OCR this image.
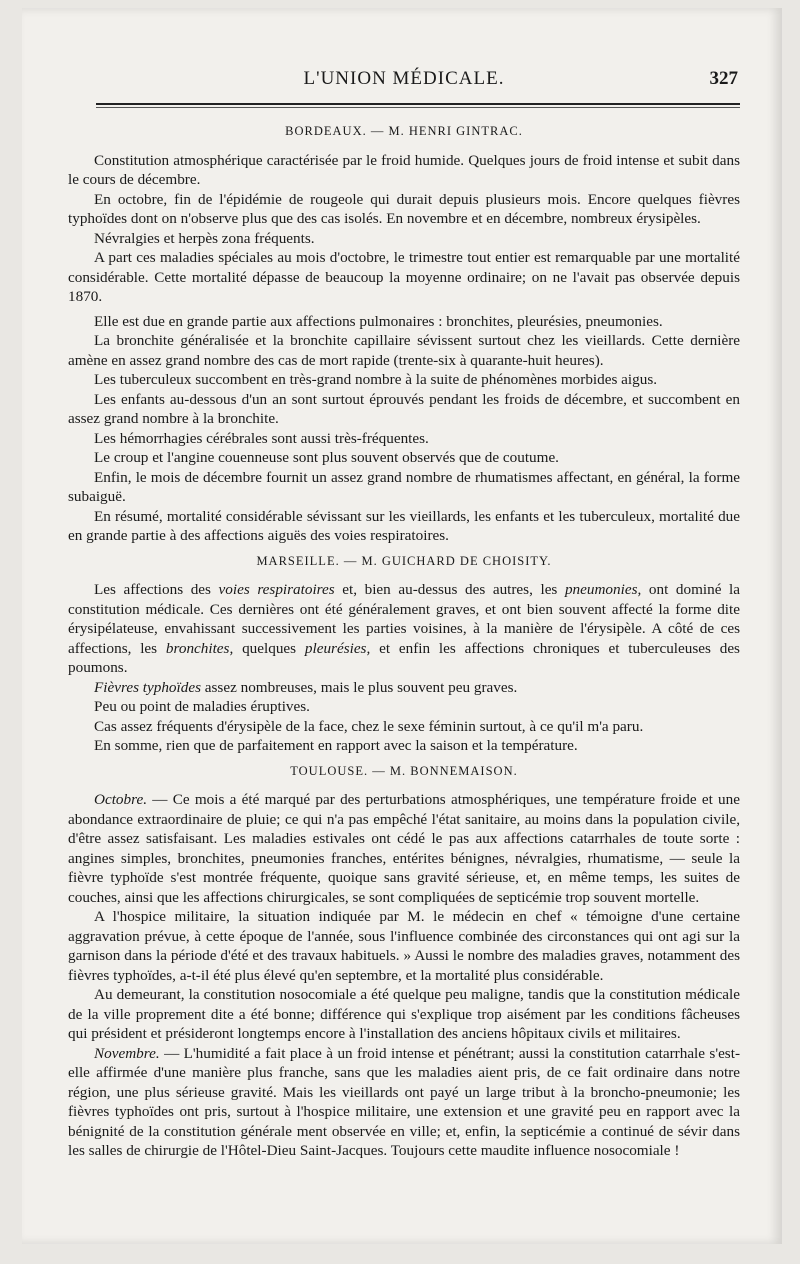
L'UNION MÉDICALE.	327
BORDEAUX. — M. HENRI GINTRAC.

Constitution atmosphérique caractérisée par le froid humide. Quelques jours de froid intense et subit dans le cours de décembre.

En octobre, fin de l'épidémie de rougeole qui durait depuis plusieurs mois. Encore quelques fièvres typhoïdes dont on n'observe plus que des cas isolés. En novembre et en décembre, nombreux érysipèles.

Névralgies et herpès zona fréquents.

A part ces maladies spéciales au mois d'octobre, le trimestre tout entier est remarquable par une mortalité considérable. Cette mortalité dépasse de beaucoup la moyenne ordinaire; on ne l'avait pas observée depuis 1870.

Elle est due en grande partie aux affections pulmonaires : bronchites, pleurésies, pneumonies.

La bronchite généralisée et la bronchite capillaire sévissent surtout chez les vieillards. Cette dernière amène en assez grand nombre des cas de mort rapide (trente-six à quarante-huit heures).

Les tuberculeux succombent en très-grand nombre à la suite de phénomènes morbides aigus.

Les enfants au-dessous d'un an sont surtout éprouvés pendant les froids de décembre, et succombent en assez grand nombre à la bronchite.

Les hémorrhagies cérébrales sont aussi très-fréquentes.

Le croup et l'angine couenneuse sont plus souvent observés que de coutume.

Enfin, le mois de décembre fournit un assez grand nombre de rhumatismes affectant, en général, la forme subaiguë.

En résumé, mortalité considérable sévissant sur les vieillards, les enfants et les tuberculeux, mortalité due en grande partie à des affections aiguës des voies respiratoires.

MARSEILLE. — M. GUICHARD DE CHOISITY.

Les affections des voies respiratoires et, bien au-dessus des autres, les pneumonies, ont dominé la constitution médicale. Ces dernières ont été généralement graves, et ont bien souvent affecté la forme dite érysipélateuse, envahissant successivement les parties voisines, à la manière de l'érysipèle. A côté de ces affections, les bronchites, quelques pleurésies, et enfin les affections chroniques et tuberculeuses des poumons.

Fièvres typhoïdes assez nombreuses, mais le plus souvent peu graves.

Peu ou point de maladies éruptives.

Cas assez fréquents d'érysipèle de la face, chez le sexe féminin surtout, à ce qu'il m'a paru.

En somme, rien que de parfaitement en rapport avec la saison et la température.

TOULOUSE. — M. BONNEMAISON.

Octobre. — Ce mois a été marqué par des perturbations atmosphériques, une température froide et une abondance extraordinaire de pluie; ce qui n'a pas empêché l'état sanitaire, au moins dans la population civile, d'être assez satisfaisant. Les maladies estivales ont cédé le pas aux affections catarrhales de toute sorte : angines simples, bronchites, pneumonies franches, entérites bénignes, névralgies, rhumatisme, — seule la fièvre typhoïde s'est montrée fréquente, quoique sans gravité sérieuse, et, en même temps, les suites de couches, ainsi que les affections chirurgicales, se sont compliquées de septicémie trop souvent mortelle.

A l'hospice militaire, la situation indiquée par M. le médecin en chef « témoigne d'une certaine aggravation prévue, à cette époque de l'année, sous l'influence combinée des circonstances qui ont agi sur la garnison dans la période d'été et des travaux habituels. » Aussi le nombre des maladies graves, notamment des fièvres typhoïdes, a-t-il été plus élevé qu'en septembre, et la mortalité plus considérable.

Au demeurant, la constitution nosocomiale a été quelque peu maligne, tandis que la constitution médicale de la ville proprement dite a été bonne; différence qui s'explique trop aisément par les conditions fâcheuses qui président et présideront longtemps encore à l'installation des anciens hôpitaux civils et militaires.

Novembre. — L'humidité a fait place à un froid intense et pénétrant; aussi la constitution catarrhale s'est-elle affirmée d'une manière plus franche, sans que les maladies aient pris, de ce fait ordinaire dans notre région, une plus sérieuse gravité. Mais les vieillards ont payé un large tribut à la broncho-pneumonie; les fièvres typhoïdes ont pris, surtout à l'hospice militaire, une extension et une gravité peu en rapport avec la bénignité de la constitution générale ment observée en ville; et, enfin, la septicémie a continué de sévir dans les salles de chirurgie de l'Hôtel-Dieu Saint-Jacques. Toujours cette maudite influence nosocomiale !
